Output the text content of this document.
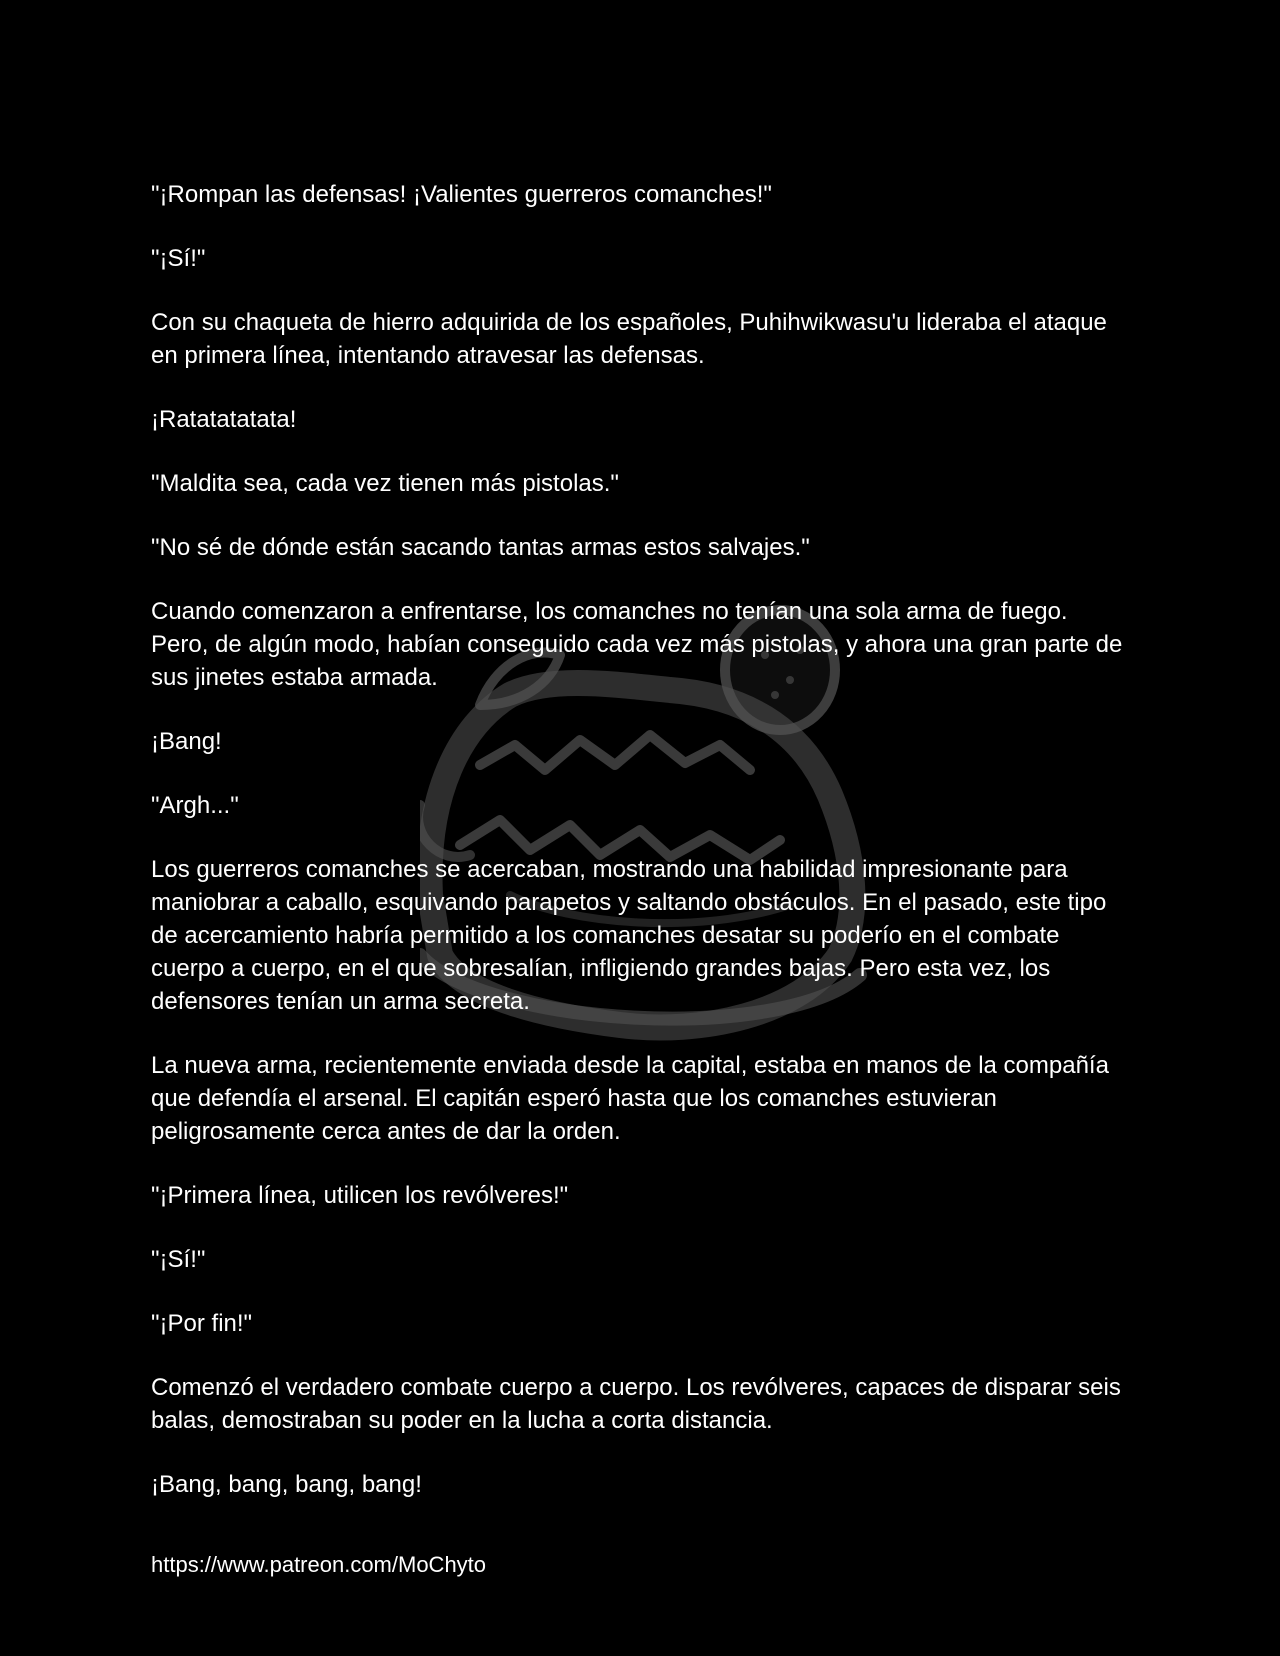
"¡Rompan las defensas! ¡Valientes guerreros comanches!"

"¡Sí!"

Con su chaqueta de hierro adquirida de los españoles, Puhihwikwasu'u lideraba el ataque en primera línea, intentando atravesar las defensas.

¡Ratatatatata!

"Maldita sea, cada vez tienen más pistolas."

"No sé de dónde están sacando tantas armas estos salvajes."

Cuando comenzaron a enfrentarse, los comanches no tenían una sola arma de fuego. Pero, de algún modo, habían conseguido cada vez más pistolas, y ahora una gran parte de sus jinetes estaba armada.

¡Bang!

"Argh..."

Los guerreros comanches se acercaban, mostrando una habilidad impresionante para maniobrar a caballo, esquivando parapetos y saltando obstáculos. En el pasado, este tipo de acercamiento habría permitido a los comanches desatar su poderío en el combate cuerpo a cuerpo, en el que sobresalían, infligiendo grandes bajas. Pero esta vez, los defensores tenían un arma secreta.

La nueva arma, recientemente enviada desde la capital, estaba en manos de la compañía que defendía el arsenal. El capitán esperó hasta que los comanches estuvieran peligrosamente cerca antes de dar la orden.

"¡Primera línea, utilicen los revólveres!"

"¡Sí!"

"¡Por fin!"

Comenzó el verdadero combate cuerpo a cuerpo. Los revólveres, capaces de disparar seis balas, demostraban su poder en la lucha a corta distancia.

¡Bang, bang, bang, bang!

https://www.patreon.com/MoChyto
